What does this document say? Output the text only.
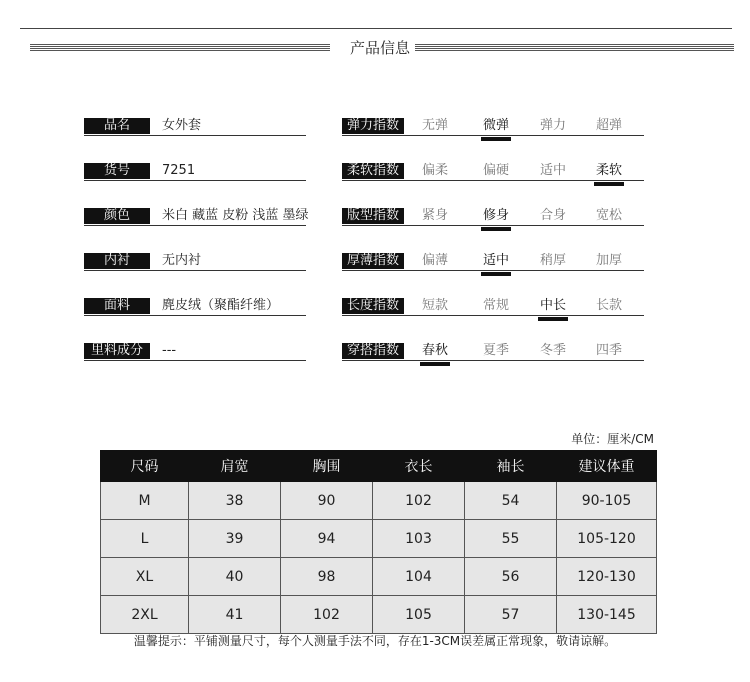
产品信息
品名	女外套
货号	7251
颜色	米白 藏蓝 皮粉 浅蓝 墨绿
内衬	无内衬
面料	麂皮绒（聚酯纤维）
里料成分	---
弹力指数	无弹	微弹 弹力 超弹
柔软指数	偏柔	偏硬 适中 柔软
版型指数	紧身	修身 合身 宽松
厚薄指数	偏薄	适中 稍厚 加厚
长度指数	短款	常规 中长 长款
穿搭指数	春秋	夏季 冬季 四季
单位：厘米/CM
尺码	肩宽	胸围	衣长	袖长	建议体重
M	38	90	102	54	90-105
L	39	94	103	55	105-120
XL	40	98	104	56	120-130
2XL	41	102	105	57	130-145
温馨提示：平铺测量尺寸，每个人测量手法不同，存在1-3CM误差属正常现象，敬请谅解。
